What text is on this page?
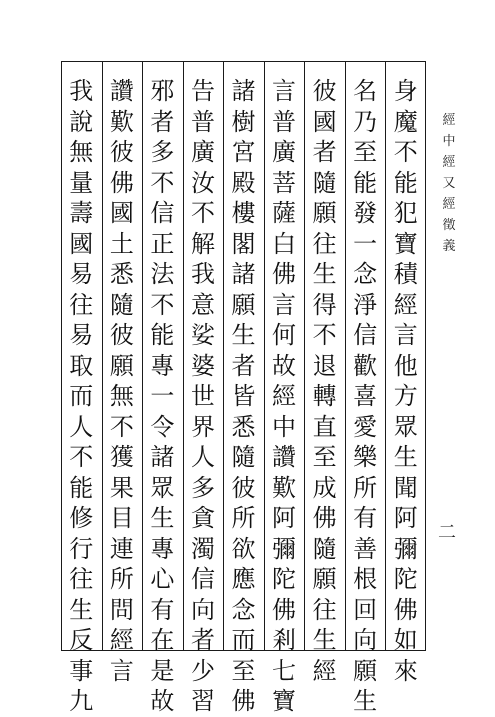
經
中
經
又
經
徵
義
身
魔
不
能
犯
寶
積
經
言
他
方
眾
生
聞
阿
彌
陀
佛
如
來
名
乃
至
能
發
一
念
淨
信
歡
喜
愛
樂
所
有
善
根
回
向
願
生
彼
國
者
隨
願
往
生
得
不
退
轉
直
至
成
佛
隨
願
往
生
經
言
普
廣
菩
薩
白
佛
言
何
故
經
中
讚
歎
阿
彌
陀
佛
剎
七
寶
諸
樹
宮
殿
樓
閣
諸
願
生
者
皆
悉
隨
彼
所
欲
應
念
而
至
佛
告
普
廣
汝
不
解
我
意
娑
婆
世
界
人
多
貪
濁
信
向
者
少
習
邪
者
多
不
信
正
法
不
能
專
一
令
諸
眾
生
專
心
有
在
是
故
讚
歎
彼
佛
國
土
悉
隨
彼
願
無
不
獲
果
目
連
所
問
經
言
我
說
無
量
壽
國
易
往
易
取
而
人
不
能
修
行
往
生
反
事
九
二
